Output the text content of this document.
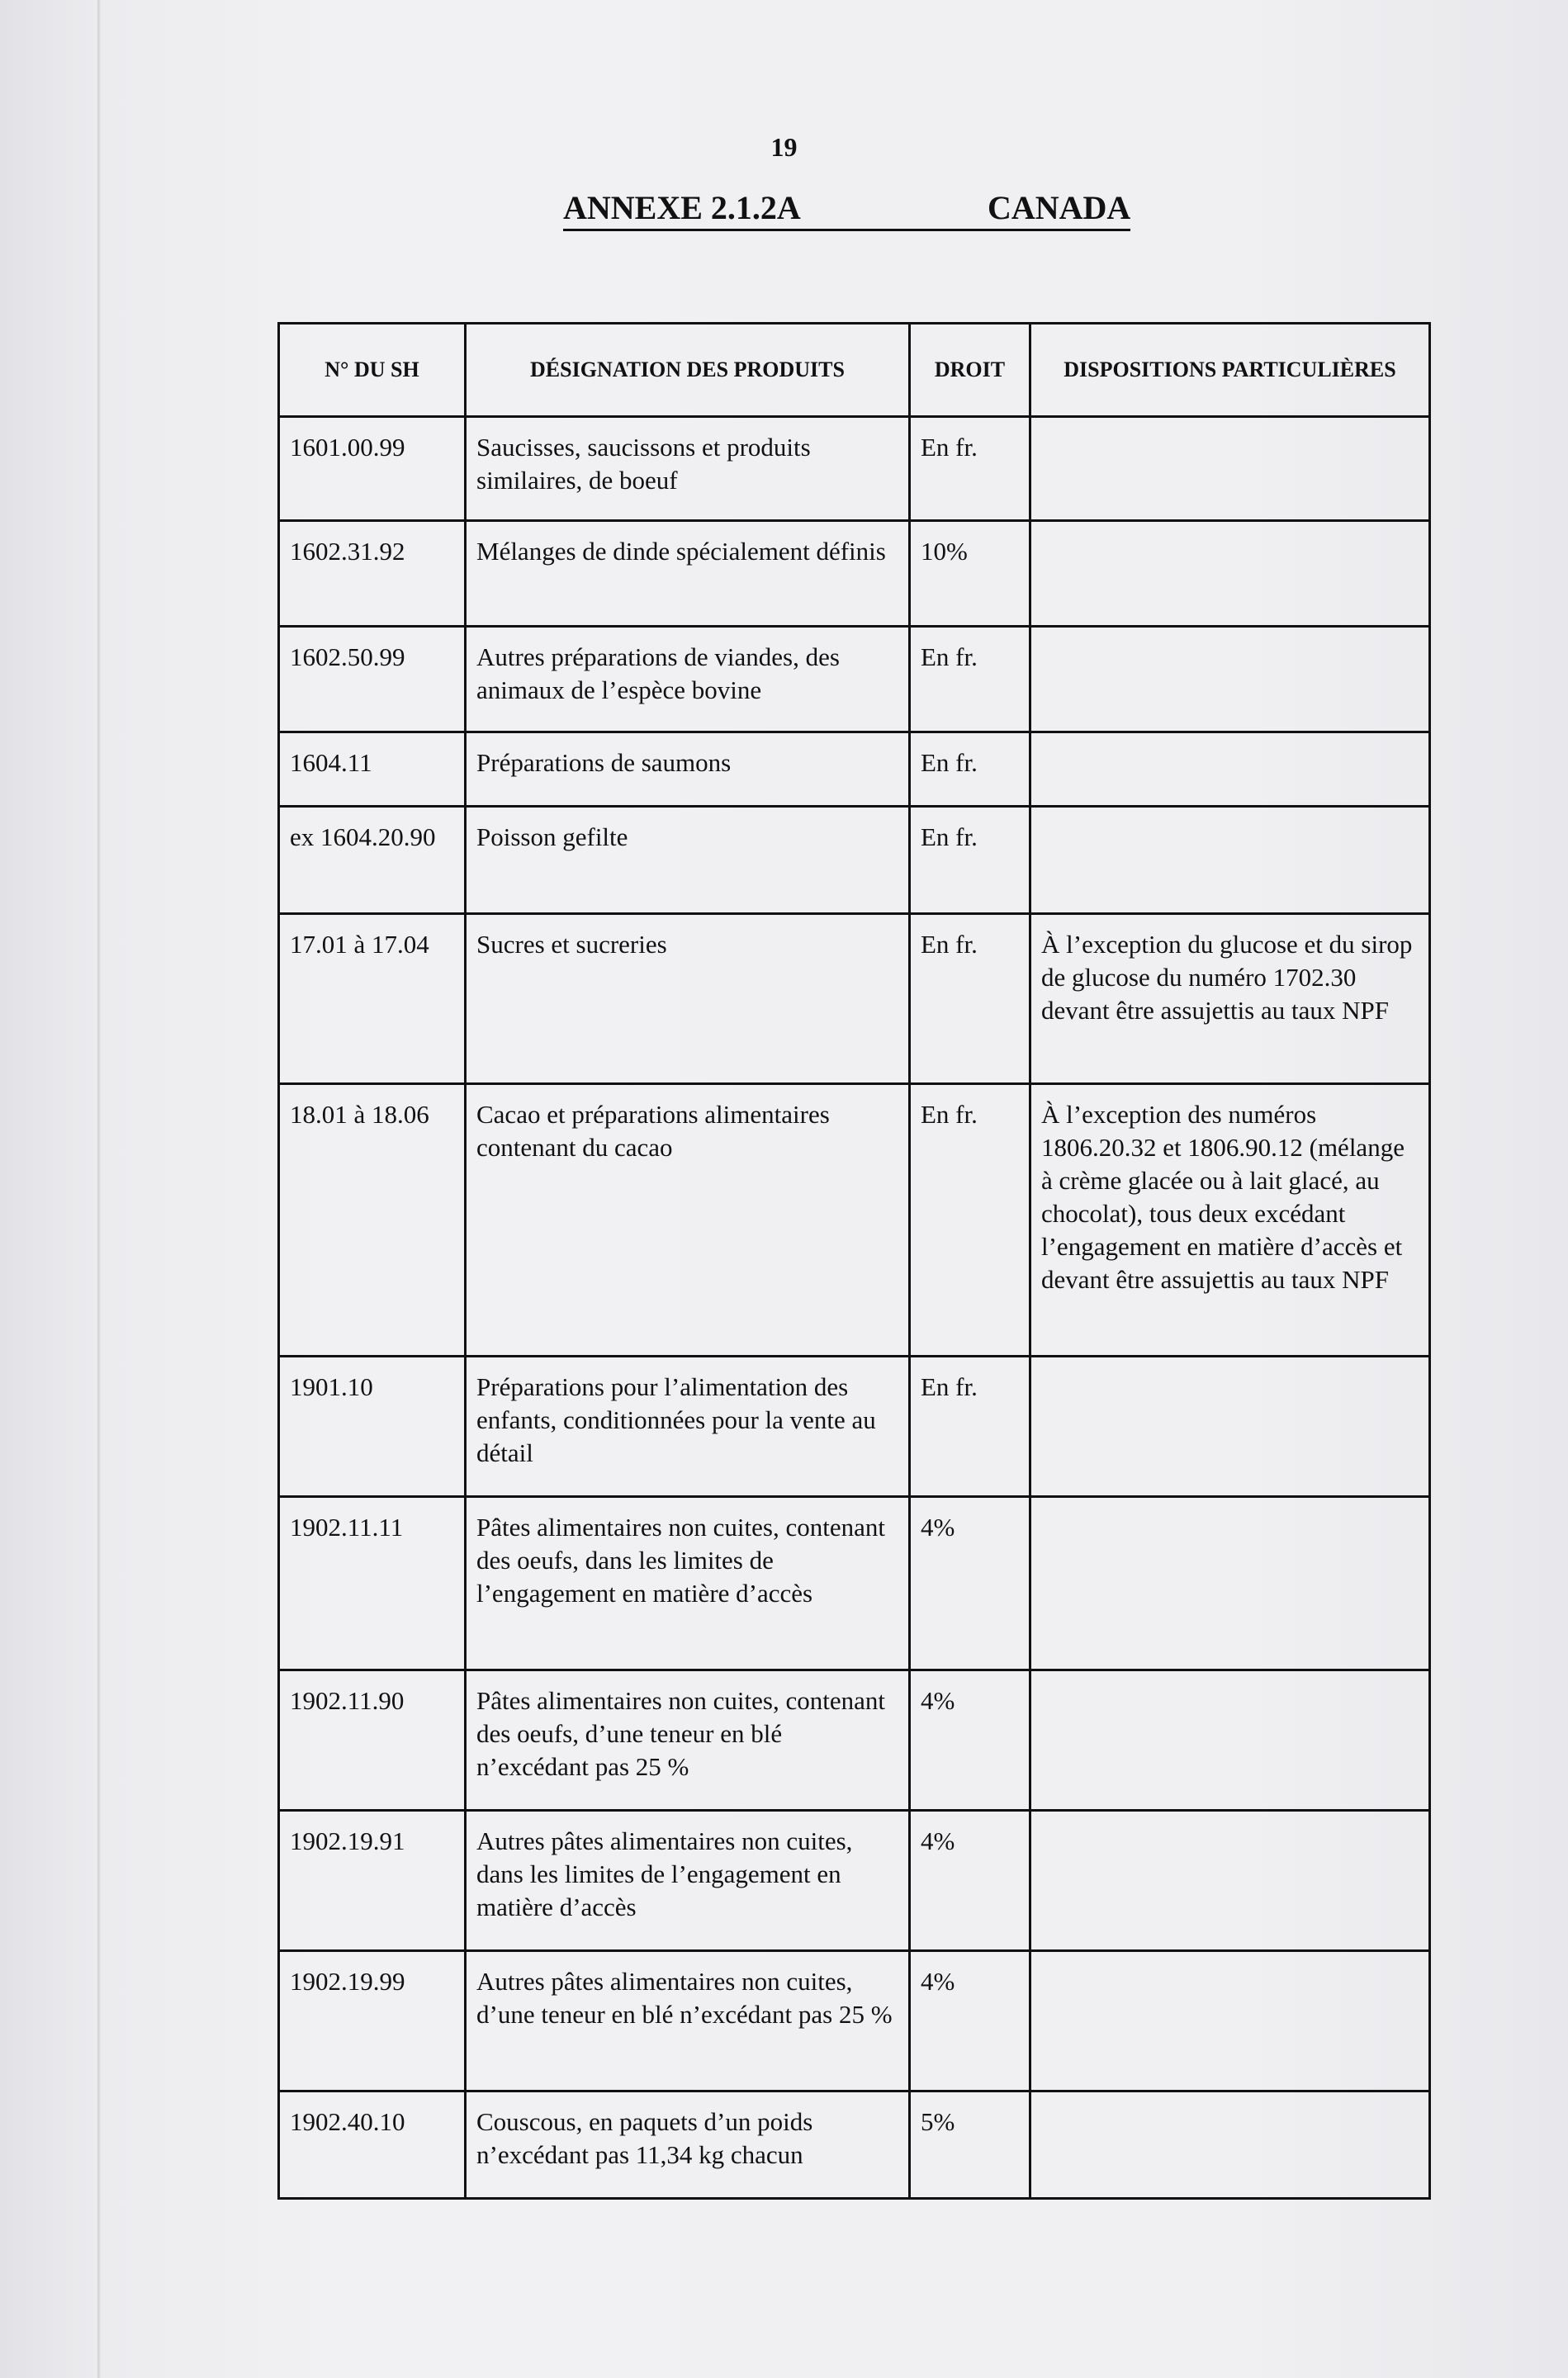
19
ANNEXE 2.1.2A	CANADA
N° DU SH	DÉSIGNATION DES PRODUITS	DROIT	DISPOSITIONS PARTICULIÈRES
1601.00.99	Saucisses, saucissons et produits similaires, de boeuf	En fr.	
1602.31.92	Mélanges de dinde spécialement définis	10%	
1602.50.99	Autres préparations de viandes, des animaux de l’espèce bovine	En fr.	
1604.11	Préparations de saumons	En fr.	
ex 1604.20.90	Poisson gefilte	En fr.	
17.01 à 17.04	Sucres et sucreries	En fr.	À l’exception du glucose et du sirop de glucose du numéro 1702.30 devant être assujettis au taux NPF
18.01 à 18.06	Cacao et préparations alimentaires contenant du cacao	En fr.	À l’exception des numéros 1806.20.32 et 1806.90.12 (mélange à crème glacée ou à lait glacé, au chocolat), tous deux excédant l’engagement en matière d’accès et devant être assujettis au taux NPF
1901.10	Préparations pour l’alimentation des enfants, conditionnées pour la vente au détail	En fr.	
1902.11.11	Pâtes alimentaires non cuites, contenant des oeufs, dans les limites de l’engagement en matière d’accès	4%	
1902.11.90	Pâtes alimentaires non cuites, contenant des oeufs, d’une teneur en blé n’excédant pas 25 %	4%	
1902.19.91	Autres pâtes alimentaires non cuites, dans les limites de l’engagement en matière d’accès	4%	
1902.19.99	Autres pâtes alimentaires non cuites, d’une teneur en blé n’excédant pas 25 %	4%	
1902.40.10	Couscous, en paquets d’un poids n’excédant pas 11,34 kg chacun	5%	
